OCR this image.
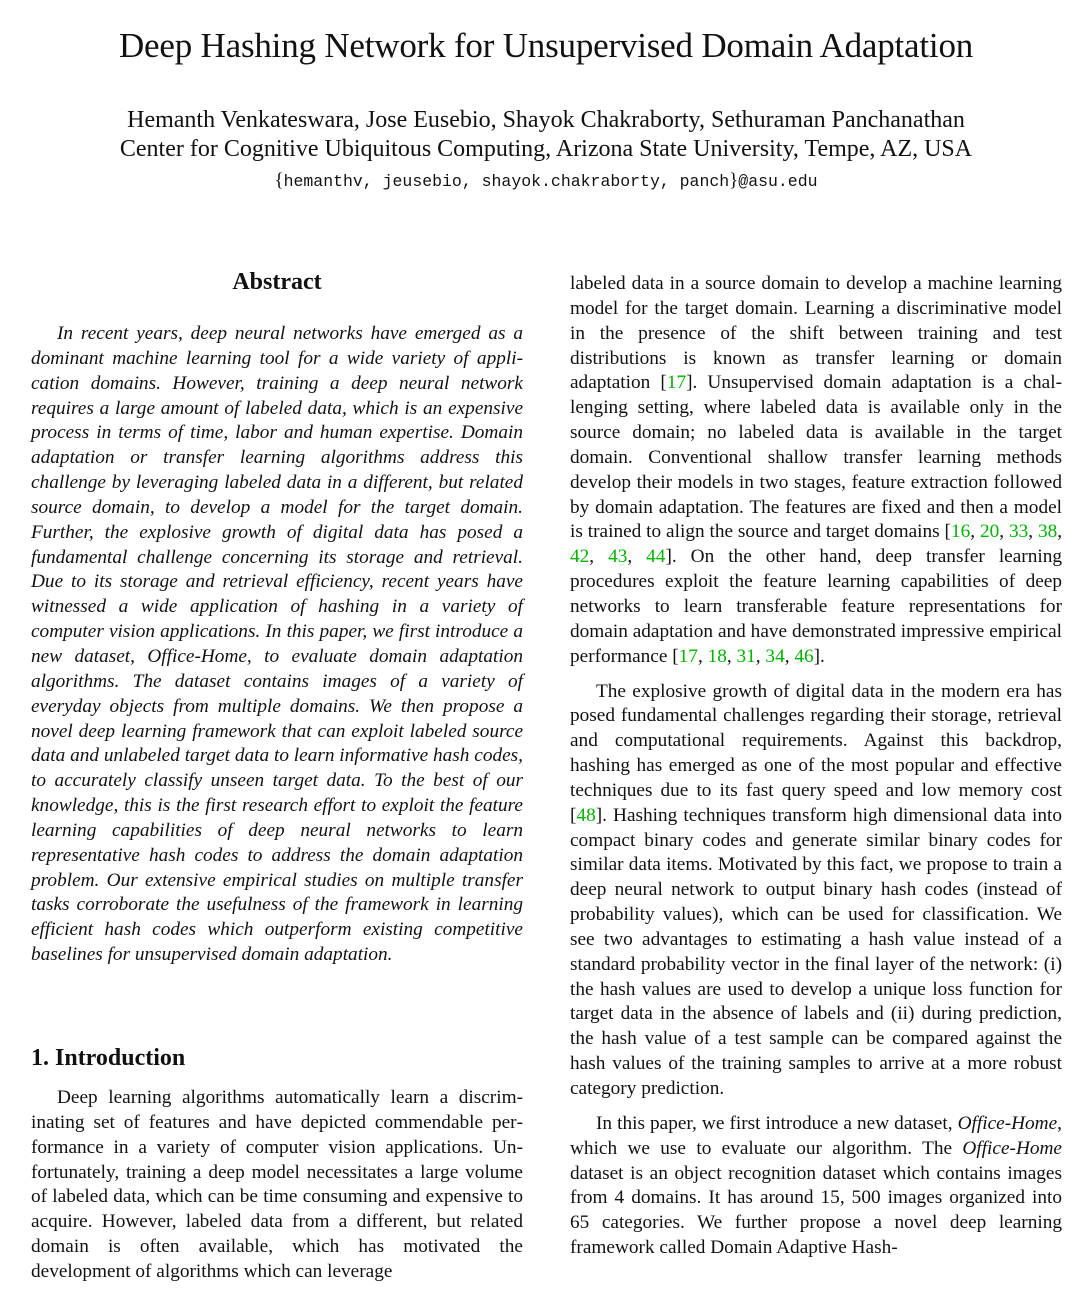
Deep Hashing Network for Unsupervised Domain Adaptation
Hemanth Venkateswara, Jose Eusebio, Shayok Chakraborty, Sethuraman Panchanathan
Center for Cognitive Ubiquitous Computing, Arizona State University, Tempe, AZ, USA
{hemanthv, jeusebio, shayok.chakraborty, panch}@asu.edu
Abstract

In recent years, deep neural networks have emerged as a dominant machine learning tool for a wide variety of application domains. However, training a deep neural network requires a large amount of labeled data, which is an expensive process in terms of time, labor and human expertise. Domain adaptation or transfer learning algorithms address this challenge by leveraging labeled data in a different, but related source domain, to develop a model for the target domain. Further, the explosive growth of digital data has posed a fundamental challenge concerning its storage and retrieval. Due to its storage and retrieval efficiency, recent years have witnessed a wide application of hashing in a variety of computer vision applications. In this paper, we first introduce a new dataset, Office-Home, to evaluate domain adaptation algorithms. The dataset contains images of a variety of everyday objects from multiple domains. We then propose a novel deep learning framework that can exploit labeled source data and unlabeled target data to learn informative hash codes, to accurately classify unseen target data. To the best of our knowledge, this is the first research effort to exploit the feature learning capabilities of deep neural networks to learn representative hash codes to address the domain adaptation problem. Our extensive empirical studies on multiple transfer tasks corroborate the usefulness of the framework in learning efficient hash codes which outperform existing competitive baselines for unsupervised domain adaptation.

1. Introduction

Deep learning algorithms automatically learn a discriminating set of features and have depicted commendable performance in a variety of computer vision applications. Unfortunately, training a deep model necessitates a large volume of labeled data, which can be time consuming and expensive to acquire. However, labeled data from a different, but related domain is often available, which has motivated the development of algorithms which can leverage

labeled data in a source domain to develop a machine learning model for the target domain. Learning a discriminative model in the presence of the shift between training and test distributions is known as transfer learning or domain adaptation [17]. Unsupervised domain adaptation is a challenging setting, where labeled data is available only in the source domain; no labeled data is available in the target domain. Conventional shallow transfer learning methods develop their models in two stages, feature extraction followed by domain adaptation. The features are fixed and then a model is trained to align the source and target domains [16, 20, 33, 38, 42, 43, 44]. On the other hand, deep transfer learning procedures exploit the feature learning capabilities of deep networks to learn transferable feature representations for domain adaptation and have demonstrated impressive empirical performance [17, 18, 31, 34, 46].

The explosive growth of digital data in the modern era has posed fundamental challenges regarding their storage, retrieval and computational requirements. Against this backdrop, hashing has emerged as one of the most popular and effective techniques due to its fast query speed and low memory cost [48]. Hashing techniques transform high dimensional data into compact binary codes and generate similar binary codes for similar data items. Motivated by this fact, we propose to train a deep neural network to output binary hash codes (instead of probability values), which can be used for classification. We see two advantages to estimating a hash value instead of a standard probability vector in the final layer of the network: (i) the hash values are used to develop a unique loss function for target data in the absence of labels and (ii) during prediction, the hash value of a test sample can be compared against the hash values of the training samples to arrive at a more robust category prediction.

In this paper, we first introduce a new dataset, Office-Home, which we use to evaluate our algorithm. The Office-Home dataset is an object recognition dataset which contains images from 4 domains. It has around 15, 500 images organized into 65 categories. We further propose a novel deep learning framework called Domain Adaptive Hash-
